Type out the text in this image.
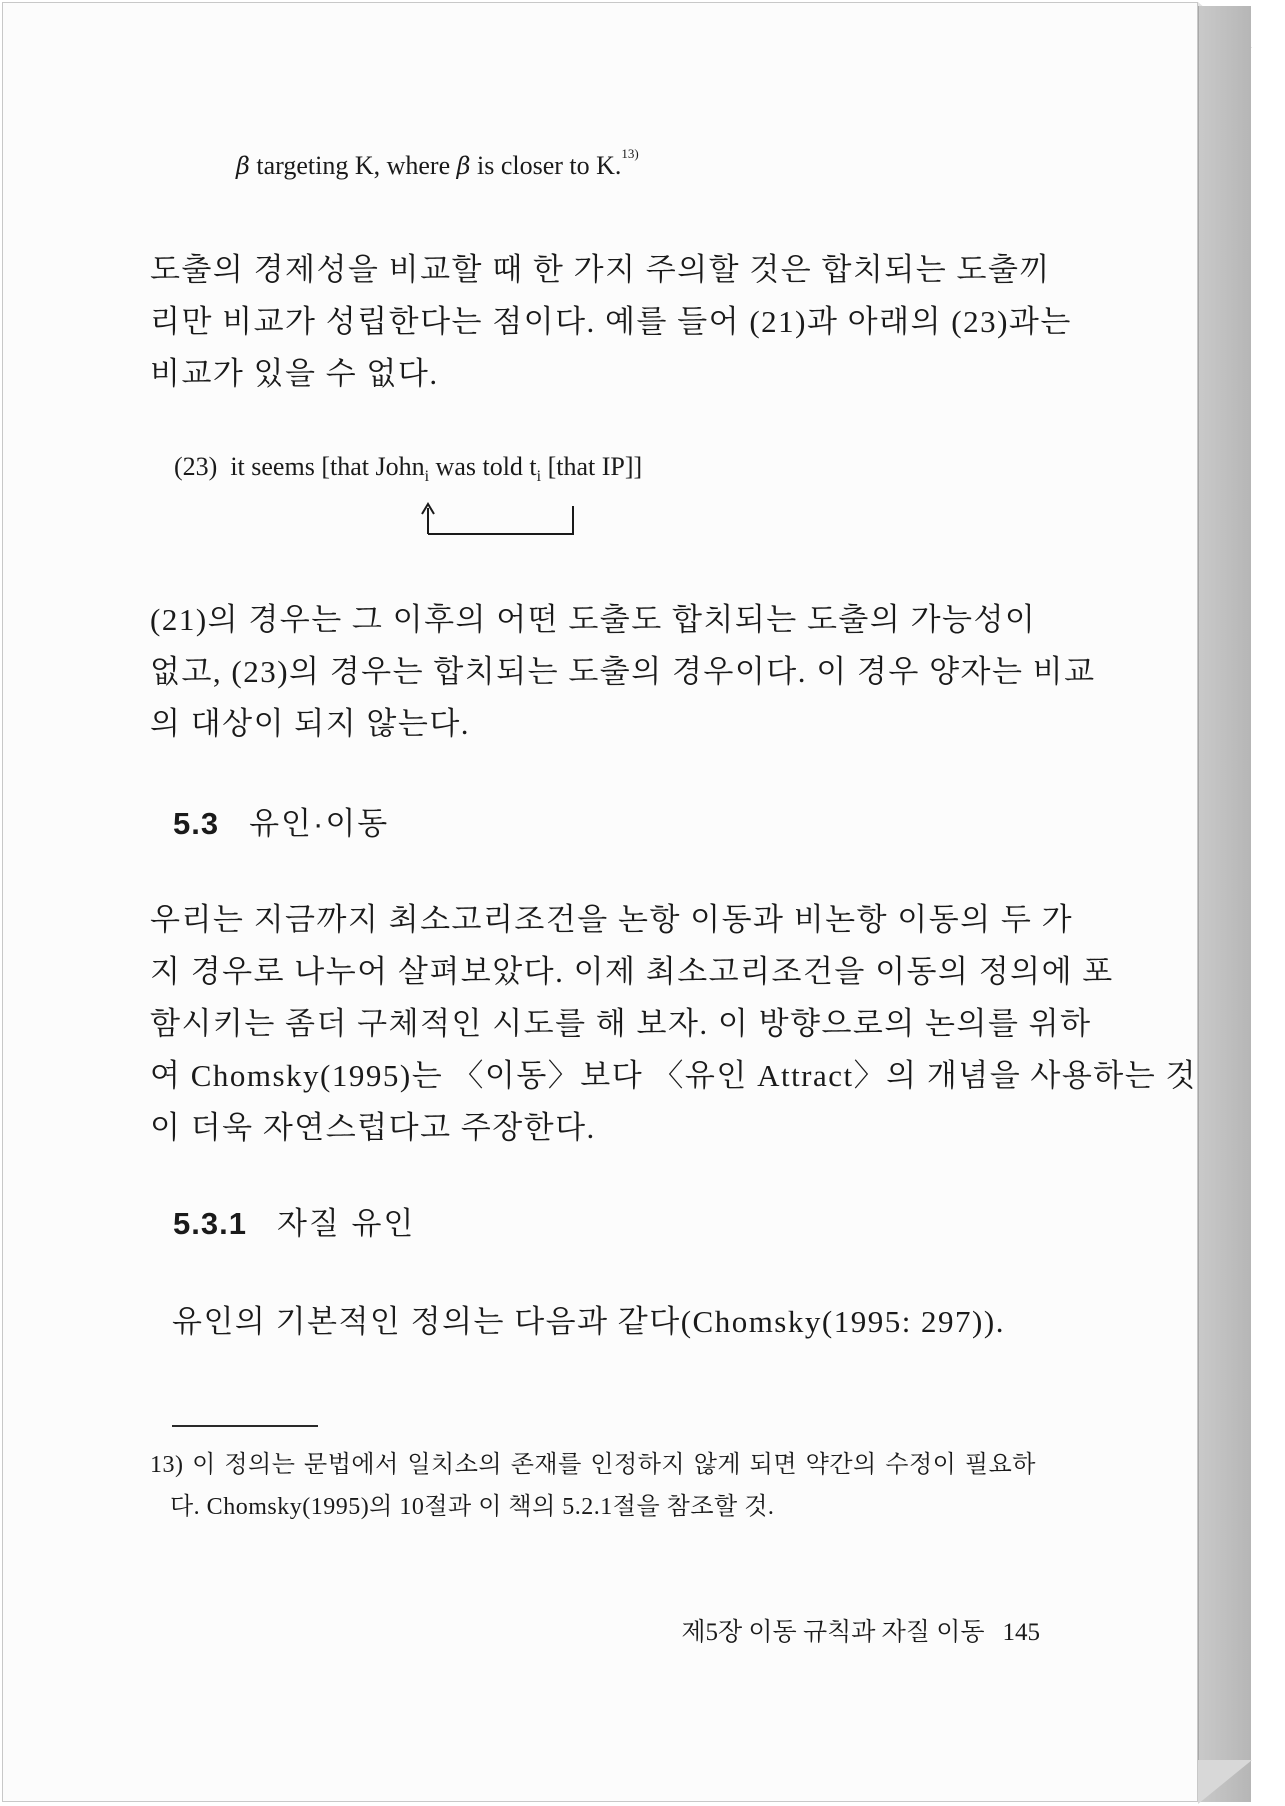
β targeting K, where β is closer to K.$^{13)}$
도출의 경제성을 비교할 때 한 가지 주의할 것은 합치되는 도출끼
리만 비교가 성립한다는 점이다. 예를 들어 (21)과 아래의 (23)과는
비교가 있을 수 없다.
(23) it seems [that John$_i$ was told $t_i$ [that IP]]
(21)의 경우는 그 이후의 어떤 도출도 합치되는 도출의 가능성이
없고, (23)의 경우는 합치되는 도출의 경우이다. 이 경우 양자는 비교
의 대상이 되지 않는다.
5.3 유인·이동
우리는 지금까지 최소고리조건을 논항 이동과 비논항 이동의 두 가
지 경우로 나누어 살펴보았다. 이제 최소고리조건을 이동의 정의에 포
함시키는 좀더 구체적인 시도를 해 보자. 이 방향으로의 논의를 위하
여 Chomsky(1995)는 〈이동〉보다 〈유인 Attract〉의 개념을 사용하는 것
이 더욱 자연스럽다고 주장한다.
5.3.1 자질 유인
유인의 기본적인 정의는 다음과 같다(Chomsky(1995: 297)).
13) 이 정의는 문법에서 일치소의 존재를 인정하지 않게 되면 약간의 수정이 필요하
다. Chomsky(1995)의 10절과 이 책의 5.2.1절을 참조할 것.
제5장 이동 규칙과 자질 이동 145
